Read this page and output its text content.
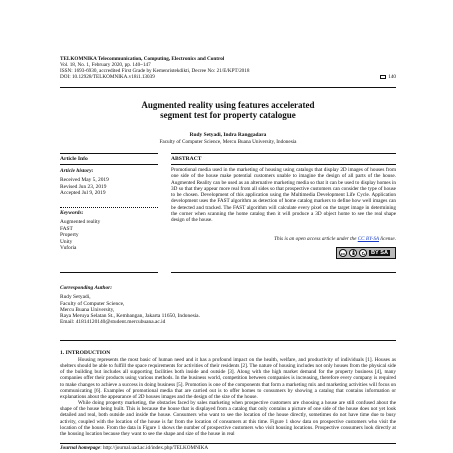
TELKOMNIKA Telecommunication, Computing, Electronics and Control
Vol. 18, No. 1, February 2020, pp. 140~147
ISSN: 1693-6930, accredited First Grade by Kemenristekdikti, Decree No: 21/E/KPT/2018
DOI: 10.12928/TELKOMNIKA.v18i1.13039	140
Augmented reality using features accelerated
segment test for property catalogue
Rudy Setyadi, Indra Ranggadara
Faculty of Computer Science, Mercu Buana University, Indonesia
Article Info	ABSTRACT
Article history:
Received May 5, 2019
Revised Jun 23, 2019
Accepted Jul 9, 2019
Keywords:
Augmented reality
FAST
Property
Unity
Vuforia
Promotional media used in the marketing of housing using catalogs that display 2D images of houses from one side of the house make potential customers unable to imagine the design of all parts of the house. Augmented Reality can be used as an alternative marketing media so that it can be used to display homes in 3D so that they appear more real from all sides so that prospective customers can consider the type of house to be chosen. Development of this application using the Multimedia Development Life Cycle. Application development uses the FAST algorithm as detection of home catalog markers to define how well images can be detected and tracked. The FAST algorithm will calculate every pixel on the target image in determining the corner when scanning the home catalog then it will produce a 3D object home to see the real shape design of the house.
This is an open access article under the CC BY-SA license.
cc	BY SA
Corresponding Author:
Rudy Setyadi,
Faculty of Computer Science,
Mercu Buana University,
Raya Meruya Selatan St., Kembangan, Jakarta 11650, Indonesia.
Email: 41814120140@student.mercubuana.ac.id
1. INTRODUCTION

Housing represents the most basic of human need and it has a profound impact on the health, welfare, and productivity of individuals [1]. Houses as shelters should be able to fulfill the space requirements for activities of their residents [2]. The nature of housing includes not only houses from the physical side of the building but includes all supporting facilities both inside and outside [3]. Along with the high market demand for the property business [4], many companies offer their products using various methods. In the business world, competition between companies is increasing, therefore every company is required to make changes to achieve a success in doing business [5]. Promotion is one of the components that form a marketing mix and marketing activities will focus on communicating [6]. Examples of promotional media that are carried out is to offer homes to consumers by showing a catalog that contains information or explanations about the appearance of 2D houses images and the design of the size of the house.

While doing property marketing, the obstacles faced by sales marketing when prospective customers are choosing a house are still confused about the shape of the house being built. This is because the house that is displayed from a catalog that only contains a picture of one side of the house does not yet look detailed and real, both outside and inside the house. Consumers who want to see the location of the house directly, sometimes do not have time due to busy activity, coupled with the location of the house is far from the location of consumers at this time. Figure 1 show data on prospective customers who visit the location of the house. From the data in Figure 1 shows the number of prospective customers who visit housing locations. Prospective consumers look directly at the housing location because they want to see the shape and size of the house in real

Journal homepage: http://journal.uad.ac.id/index.php/TELKOMNIKA
